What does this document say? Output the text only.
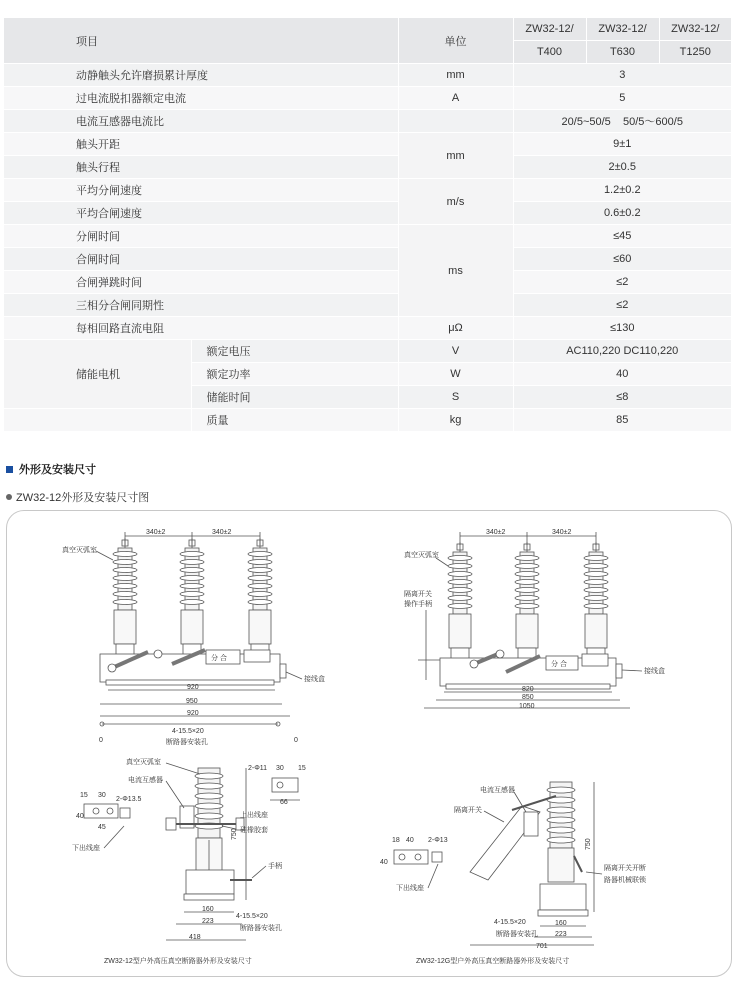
项目		单位	ZW32-12/	ZW32-12/	ZW32-12/
			T400	T630	T1250
动静触头允许磨损累计厚度		mm	3		
过电流脱扣器额定电流		A	5		
电流互感器电流比			20/5~50/5    50/5～600/5		
触头开距		mm	9±1		
触头行程			2±0.5		
平均分闸速度		m/s	1.2±0.2		
平均合闸速度			0.6±0.2		
分闸时间		ms	≤45		
合闸时间			≤60		
合闸弹跳时间			≤2		
三相分合闸同期性			≤2		
每相回路直流电阻		μΩ	≤130		
储能电机	额定电压	V	AC110,220 DC110,220		
	额定功率	W	40		
	储能时间	S	≤8		
	质量	kg	85		
外形及安装尺寸
ZW32-12外形及安装尺寸图
340±2	340±2
真空灭弧室
分 合
接线盒
920
950
920
4-15.5×20
断路器安装孔
0	0
340±2	340±2
真空灭弧室
隔离开关
操作手柄
分 合
接线盒
820
850
1050
真空灭弧室
电流互感器
2-Φ11 30 15
66
上出线座
硅橡胶套
手柄
750
15 30
2-Φ13.5
40
45
下出线座
160
223
418
4-15.5×20
断路器安装孔
ZW32-12型户外高压真空断路器外形及安装尺寸
电流互感器
隔离开关
隔离开关开断
路器机械联锁
750
18 40 2-Φ13
40
下出线座
160
223
701
4-15.5×20
断路器安装孔
ZW32-12G型户外高压真空断路器外形及安装尺寸
